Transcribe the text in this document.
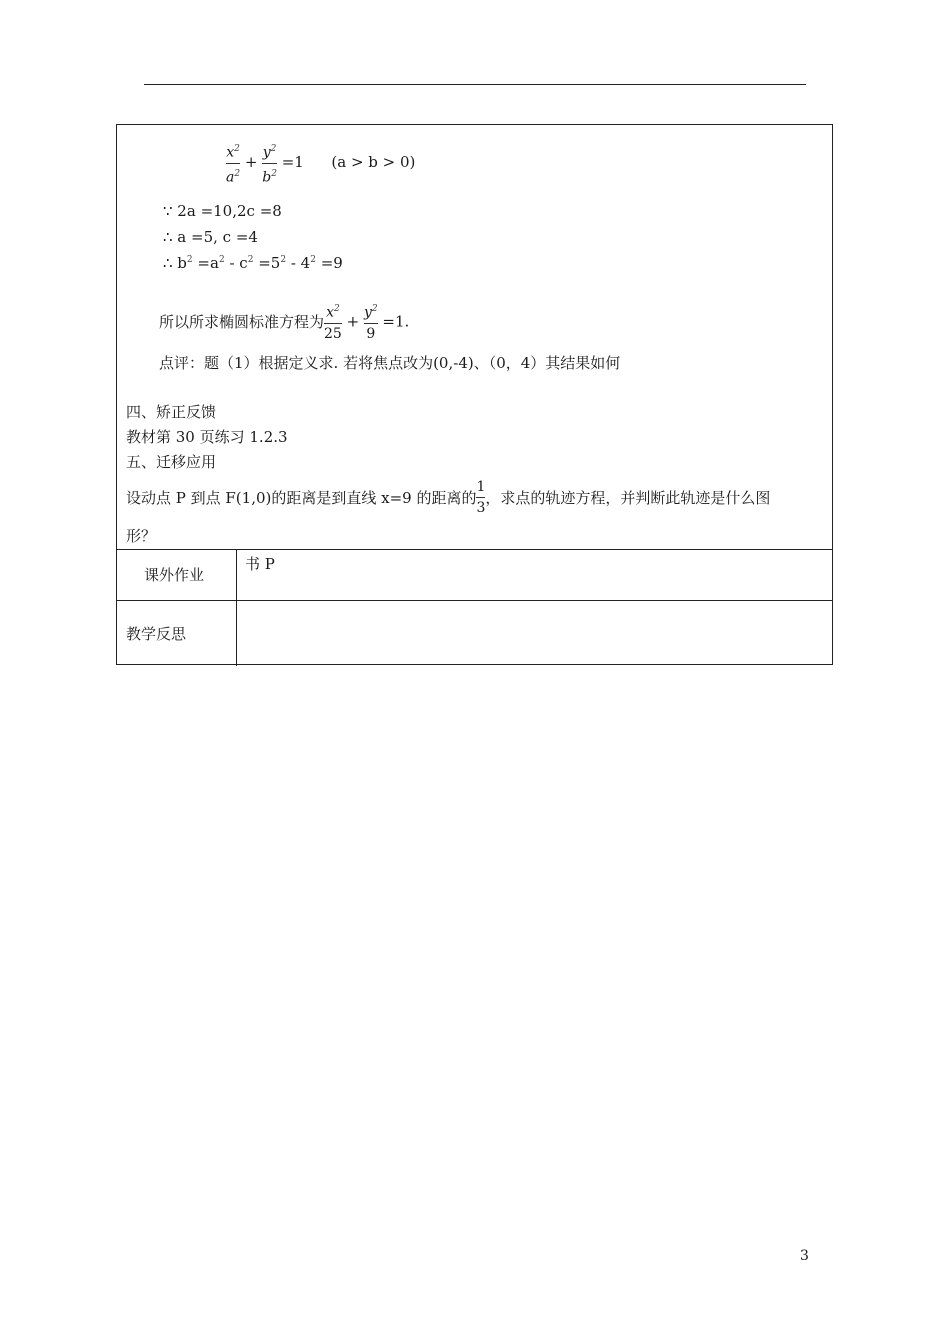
$\frac{x^2}{a^2} + \frac{y^2}{b^2} =1$ (a > b > 0)
∵ 2a =10,2c =8
∴ a =5, c =4
∴ $b^2 =a^2 - c^2 =5^2 - 4^2 =9$
所以所求椭圆标准方程为 $\frac{x^2}{25} + \frac{y^2}{9} =1$.
点评：题（1）根据定义求. 若将焦点改为(0,-4)、（0，4）其结果如何
四、矫正反馈
教材第 30 页练习 1.2.3
五、迁移应用
设动点 P 到点 F(1,0)的距离是到直线 x=9 的距离的 $\frac{1}{3}$ ，求点的轨迹方程，并判断此轨迹是什么图
形？
课外作业
书 P
教学反思
3
